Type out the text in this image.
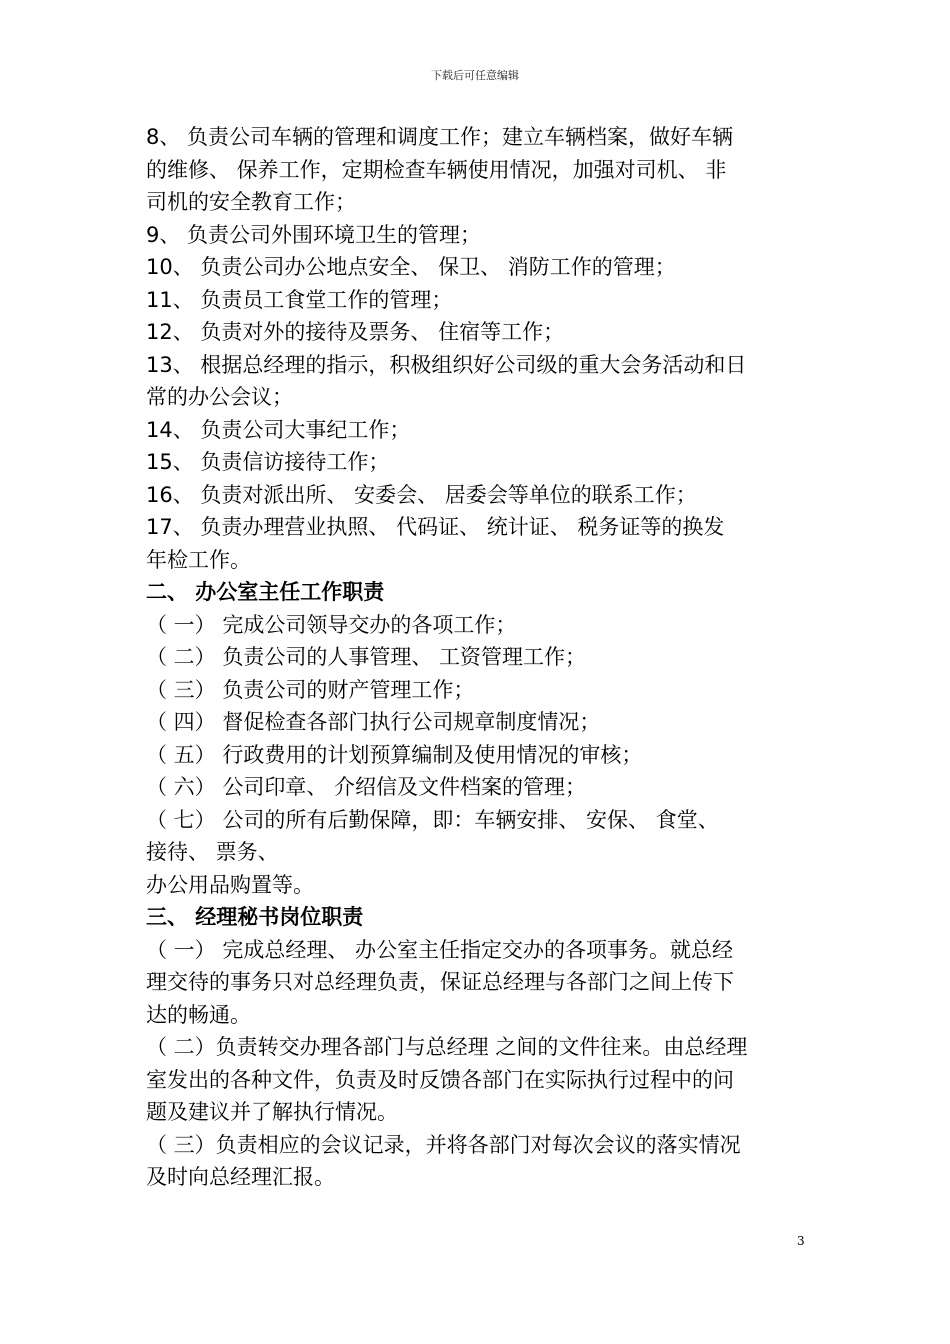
下载后可任意编辑
8、 负责公司车辆的管理和调度工作；建立车辆档案，做好车辆
的维修、 保养工作，定期检查车辆使用情况，加强对司机、 非
司机的安全教育工作；
9、 负责公司外围环境卫生的管理；
10、 负责公司办公地点安全、 保卫、 消防工作的管理；
11、 负责员工食堂工作的管理；
12、 负责对外的接待及票务、 住宿等工作；
13、 根据总经理的指示，积极组织好公司级的重大会务活动和日
常的办公会议；
14、 负责公司大事纪工作；
15、 负责信访接待工作；
16、 负责对派出所、 安委会、 居委会等单位的联系工作；
17、 负责办理营业执照、 代码证、 统计证、 税务证等的换发
年检工作。
二、 办公室主任工作职责
（ 一） 完成公司领导交办的各项工作；
（ 二） 负责公司的人事管理、 工资管理工作；
（ 三） 负责公司的财产管理工作；
（ 四） 督促检查各部门执行公司规章制度情况；
（ 五） 行政费用的计划预算编制及使用情况的审核；
（ 六） 公司印章、 介绍信及文件档案的管理；
（ 七） 公司的所有后勤保障，即：车辆安排、 安保、 食堂、
接待、 票务、
办公用品购置等。
三、 经理秘书岗位职责
（ 一） 完成总经理、 办公室主任指定交办的各项事务。就总经
理交待的事务只对总经理负责，保证总经理与各部门之间上传下
达的畅通。
（ 二）负责转交办理各部门与总经理 之间的文件往来。由总经理
室发出的各种文件，负责及时反馈各部门在实际执行过程中的问
题及建议并了解执行情况。
（ 三）负责相应的会议记录，并将各部门对每次会议的落实情况
及时向总经理汇报。
3
